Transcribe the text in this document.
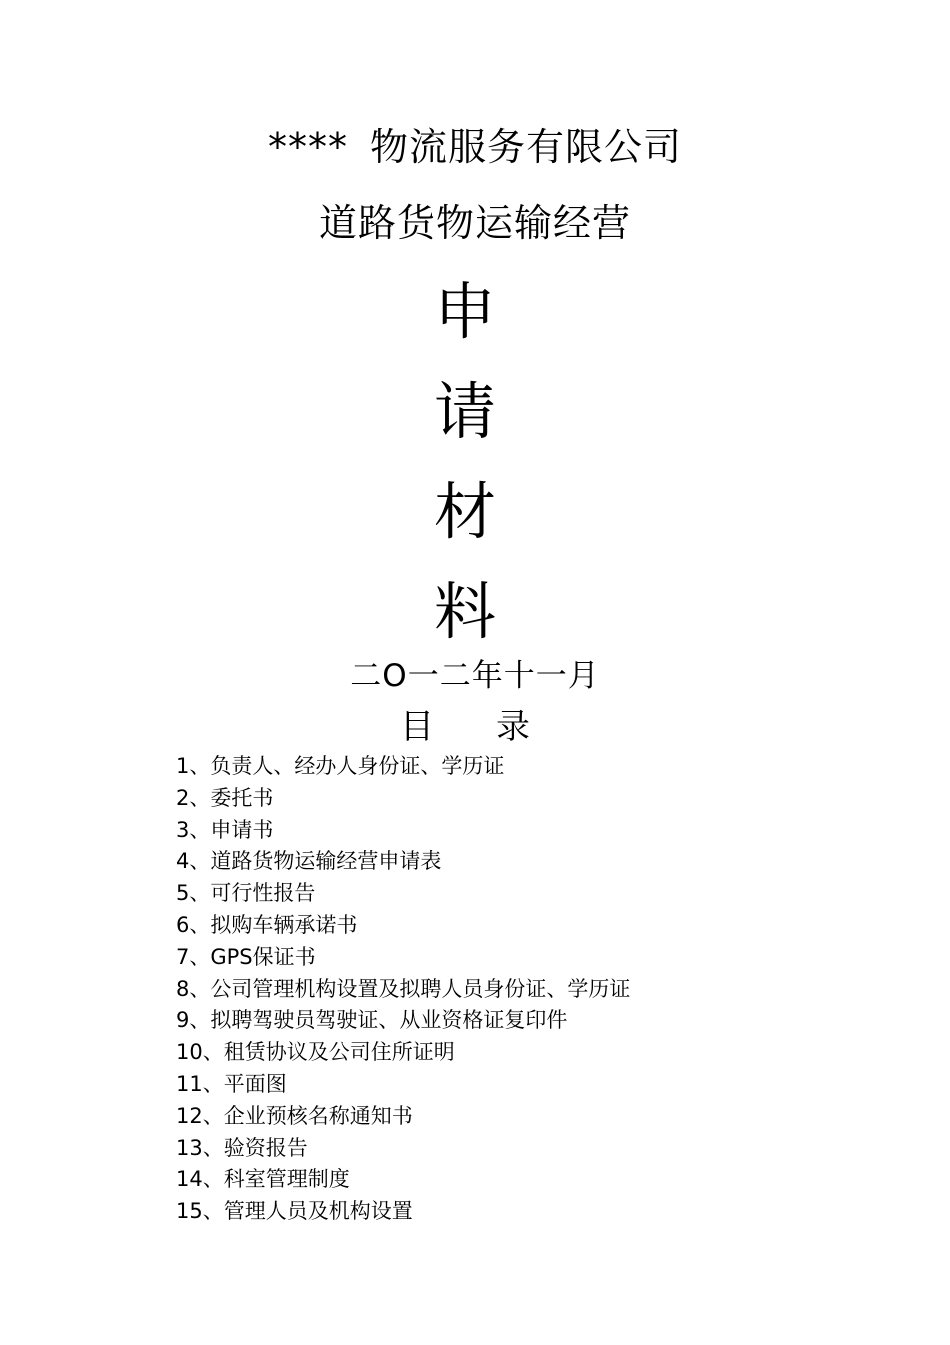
**** 物流服务有限公司
道路货物运输经营
申
请
材
料
二O一二年十一月
目 录
1、负责人、经办人身份证、学历证
2、委托书
3、申请书
4、道路货物运输经营申请表
5、可行性报告
6、拟购车辆承诺书
7、GPS保证书
8、公司管理机构设置及拟聘人员身份证、学历证
9、拟聘驾驶员驾驶证、从业资格证复印件
10、租赁协议及公司住所证明
11、平面图
12、企业预核名称通知书
13、验资报告
14、科室管理制度
15、管理人员及机构设置
